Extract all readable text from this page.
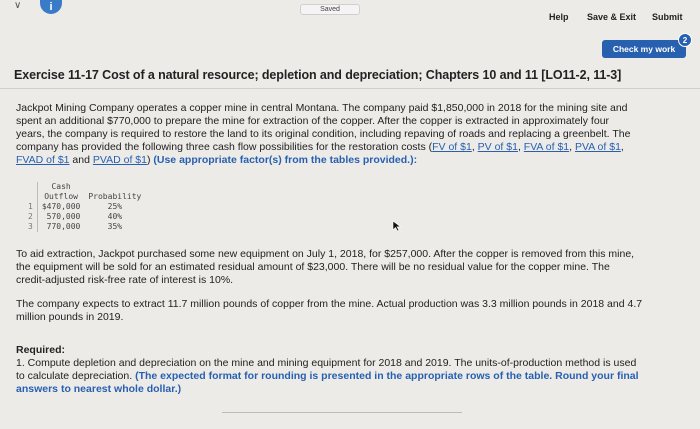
∨	i	Saved
Help Save & Exit Submit
Check my work
2
Exercise 11-17 Cost of a natural resource; depletion and depreciation; Chapters 10 and 11 [LO11-2, 11-3]
Jackpot Mining Company operates a copper mine in central Montana. The company paid $1,850,000 in 2018 for the mining site and
spent an additional $770,000 to prepare the mine for extraction of the copper. After the copper is extracted in approximately four
years, the company is required to restore the land to its original condition, including repaving of roads and replacing a greenbelt. The
company has provided the following three cash flow possibilities for the restoration costs (FV of $1, PV of $1, FVA of $1, PVA of $1,
FVAD of $1 and PVAD of $1) (Use appropriate factor(s) from the tables provided.):
	Cash	
	Outflow	Probability
1	$470,000	25%
2	570,000	40%
3	770,000	35%
To aid extraction, Jackpot purchased some new equipment on July 1, 2018, for $257,000. After the copper is removed from this mine,
the equipment will be sold for an estimated residual amount of $23,000. There will be no residual value for the copper mine. The
credit-adjusted risk-free rate of interest is 10%.
The company expects to extract 11.7 million pounds of copper from the mine. Actual production was 3.3 million pounds in 2018 and 4.7
million pounds in 2019.
Required:
1. Compute depletion and depreciation on the mine and mining equipment for 2018 and 2019. The units-of-production method is used
to calculate depreciation. (The expected format for rounding is presented in the appropriate rows of the table. Round your final
answers to nearest whole dollar.)
